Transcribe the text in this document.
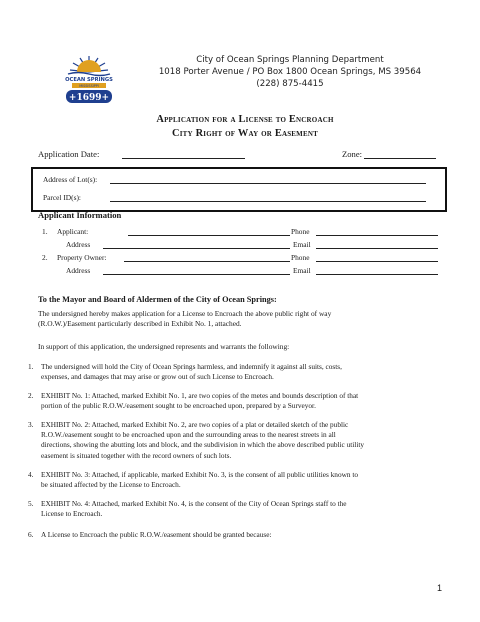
OCEAN SPRINGS
MISSISSIPPI
+1699+
City of Ocean Springs Planning Department
1018 Porter Avenue / PO Box 1800 Ocean Springs, MS 39564
(228) 875-4415
Application for a License to Encroach
City Right of Way or Easement
Application Date:	Zone:
Address of Lot(s):
Parcel ID(s):
Applicant Information
1. Applicant:	Phone
Address	Email
2. Property Owner:	Phone
Address	Email
To the Mayor and Board of Aldermen of the City of Ocean Springs:
The undersigned hereby makes application for a License to Encroach the above public right of way
(R.O.W.)/Easement particularly described in Exhibit No. 1, attached.
In support of this application, the undersigned represents and warrants the following:
1. The undersigned will hold the City of Ocean Springs harmless, and indemnify it against all suits, costs,
expenses, and damages that may arise or grow out of such License to Encroach.
2. EXHIBIT No. 1: Attached, marked Exhibit No. 1, are two copies of the metes and bounds description of that
portion of the public R.O.W./easement sought to be encroached upon, prepared by a Surveyor.
3. EXHIBIT No. 2: Attached, marked Exhibit No. 2, are two copies of a plat or detailed sketch of the public
R.O.W./easement sought to be encroached upon and the surrounding areas to the nearest streets in all
directions, showing the abutting lots and block, and the subdivision in which the above described public utility
easement is situated together with the record owners of such lots.
4. EXHIBIT No. 3: Attached, if applicable, marked Exhibit No. 3, is the consent of all public utilities known to
be situated affected by the License to Encroach.
5. EXHIBIT No. 4: Attached, marked Exhibit No. 4, is the consent of the City of Ocean Springs staff to the
License to Encroach.
6. A License to Encroach the public R.O.W./easement should be granted because:
1
